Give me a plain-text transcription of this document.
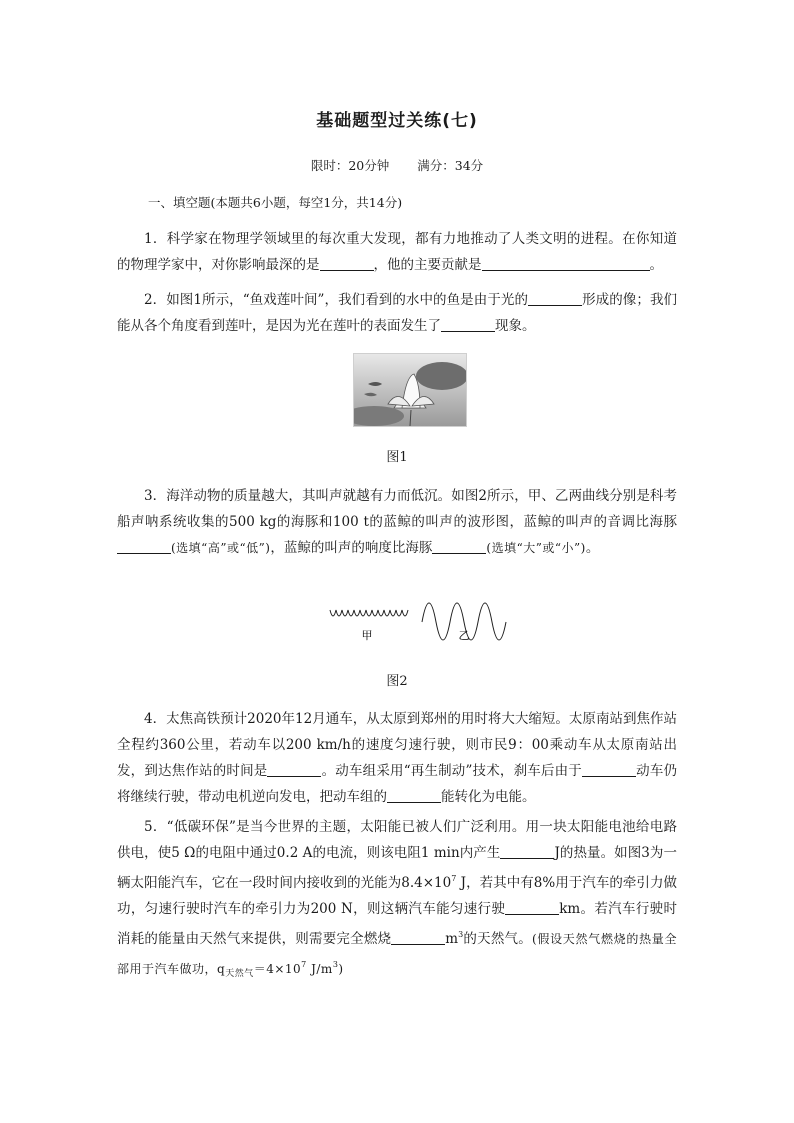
基础题型过关练(七)
限时：20分钟 满分：34分
一、填空题(本题共6小题，每空1分，共14分)
1．科学家在物理学领域里的每次重大发现，都有力地推动了人类文明的进程。在你知道的物理学家中，对你影响最深的是	，他的主要贡献是	。
2．如图1所示，“鱼戏莲叶间”，我们看到的水中的鱼是由于光的	形成的像；我们能从各个角度看到莲叶，是因为光在莲叶的表面发生了	现象。
图1
3．海洋动物的质量越大，其叫声就越有力而低沉。如图2所示，甲、乙两曲线分别是科考船声呐系统收集的500 kg的海豚和100 t的蓝鲸的叫声的波形图，蓝鲸的叫声的音调比海豚(选填“高”或“低”)，蓝鲸的叫声的响度比海豚	(选填“大”或“小”)。
甲	乙
图2
4．太焦高铁预计2020年12月通车，从太原到郑州的用时将大大缩短。太原南站到焦作站全程约360公里，若动车以200 km/h的速度匀速行驶，则市民9：00乘动车从太原南站出发，到达焦作站的时间是	。动车组采用“再生制动”技术，刹车后由于	动车仍将继续行驶，带动电机逆向发电，把动车组的	能转化为电能。
5．“低碳环保”是当今世界的主题，太阳能已被人们广泛利用。用一块太阳能电池给电路供电，使5 Ω的电阻中通过0.2 A的电流，则该电阻1 min内产生	J的热量。如图3为一辆太阳能汽车，它在一段时间内接收到的光能为$8.4\times 10^7$ J，若其中有8%用于汽车的牵引力做功，匀速行驶时汽车的牵引力为200 N，则这辆汽车能匀速行驶	km。若汽车行驶时消耗的能量由天然气来提供，则需要完全燃烧	$m^3$的天然气。(假设天然气燃烧的热量全部用于汽车做功，$q_{天然气}=4\times 10^7$ $J/m^3$)
